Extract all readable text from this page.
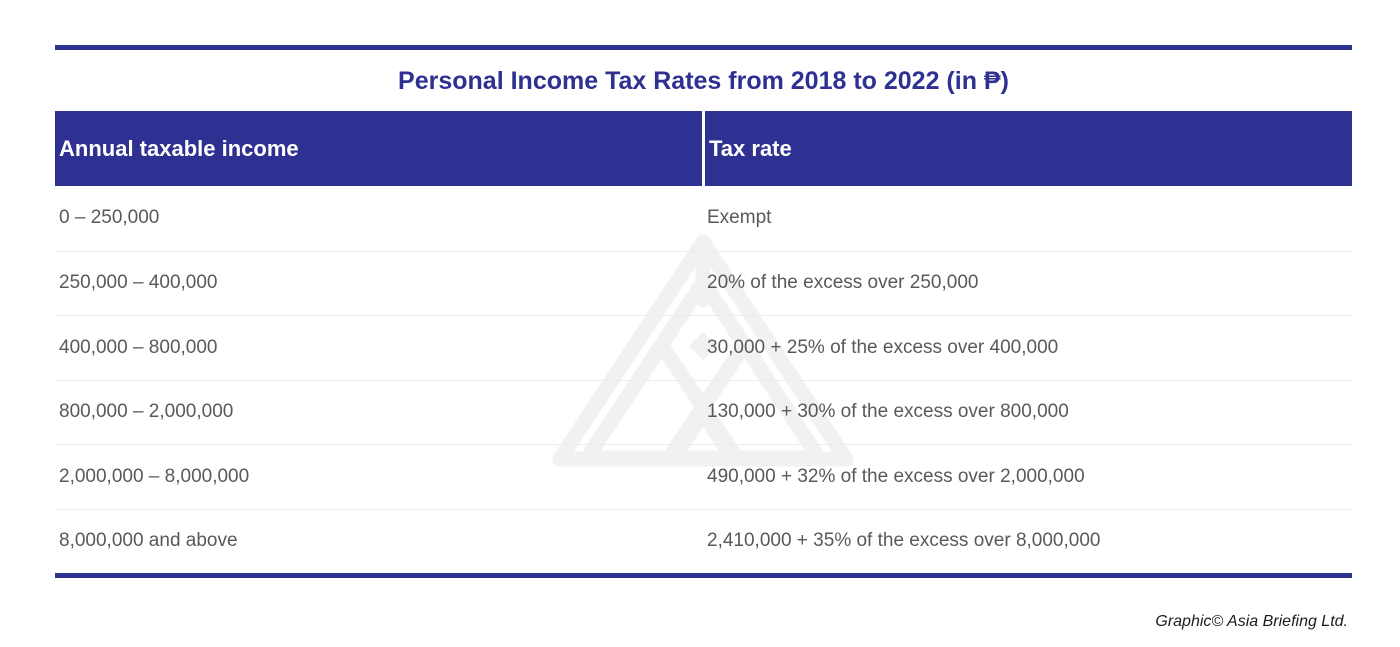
Personal Income Tax Rates from 2018 to 2022 (in ₱)
Annual taxable income	Tax rate
0 – 250,000	Exempt
250,000 – 400,000	20% of the excess over 250,000
400,000 – 800,000	30,000 + 25% of the excess over 400,000
800,000 – 2,000,000	130,000 + 30% of the excess over 800,000
2,000,000 – 8,000,000	490,000 + 32% of the excess over 2,000,000
8,000,000 and above	2,410,000 + 35% of the excess over 8,000,000
Graphic© Asia Briefing Ltd.
